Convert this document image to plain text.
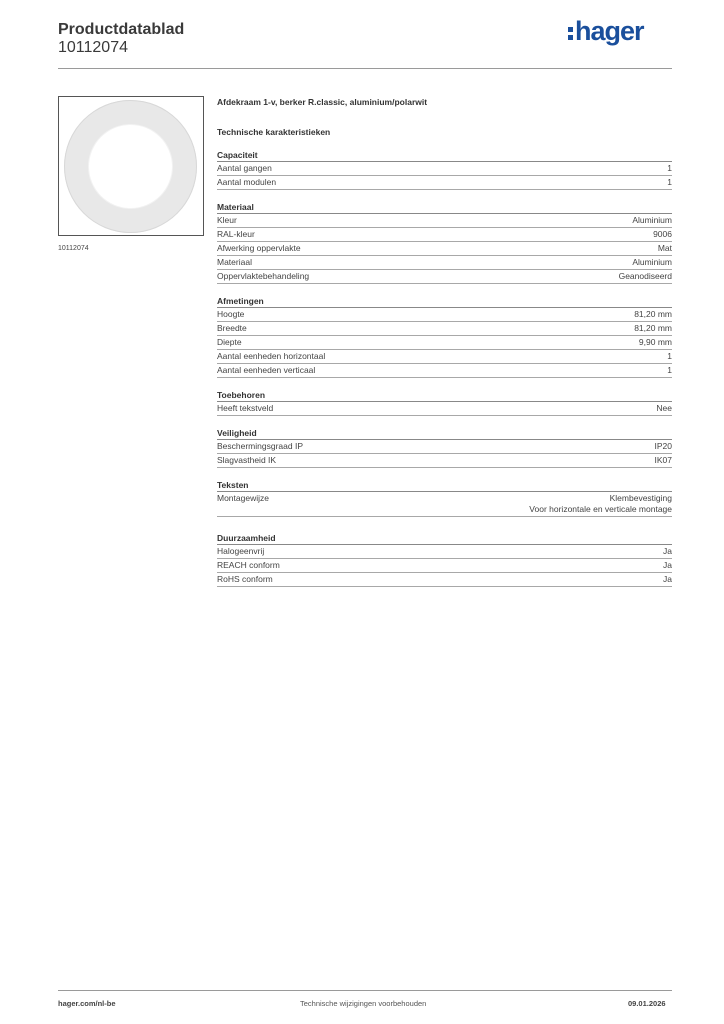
Productdatablad
10112074
hager
10112074
Afdekraam 1-v, berker R.classic, aluminium/polarwit
Technische karakteristieken
Capaciteit
Aantal gangen	1
Aantal modulen	1
Materiaal
Kleur	Aluminium
RAL-kleur	9006
Afwerking oppervlakte	Mat
Materiaal	Aluminium
Oppervlaktebehandeling	Geanodiseerd
Afmetingen
Hoogte	81,20 mm
Breedte	81,20 mm
Diepte	9,90 mm
Aantal eenheden horizontaal	1
Aantal eenheden verticaal	1
Toebehoren
Heeft tekstveld	Nee
Veiligheid
Beschermingsgraad IP	IP20
Slagvastheid IK	IK07
Teksten
Montagewijze	Klembevestiging
Voor horizontale en verticale montage
Duurzaamheid
Halogeenvrij	Ja
REACH conform	Ja
RoHS conform	Ja
hager.com/nl-be	Technische wijzigingen voorbehouden	09.01.2026
